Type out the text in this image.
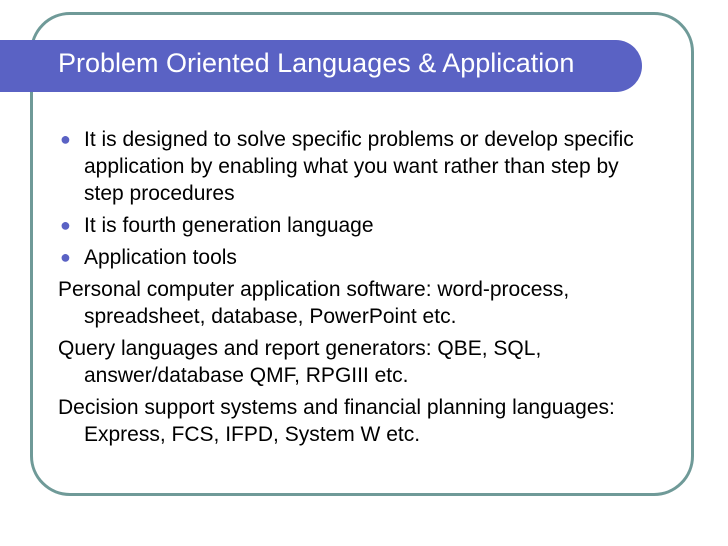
Problem Oriented Languages & Application
● It is designed to solve specific problems or develop specific application by enabling what you want rather than step by step procedures
● It is fourth generation language
● Application tools

Personal computer application software: word-process, spreadsheet, database, PowerPoint etc.

Query languages and report generators: QBE, SQL, answer/database QMF, RPGIII etc.

Decision support systems and financial planning languages: Express, FCS, IFPD, System W etc.
